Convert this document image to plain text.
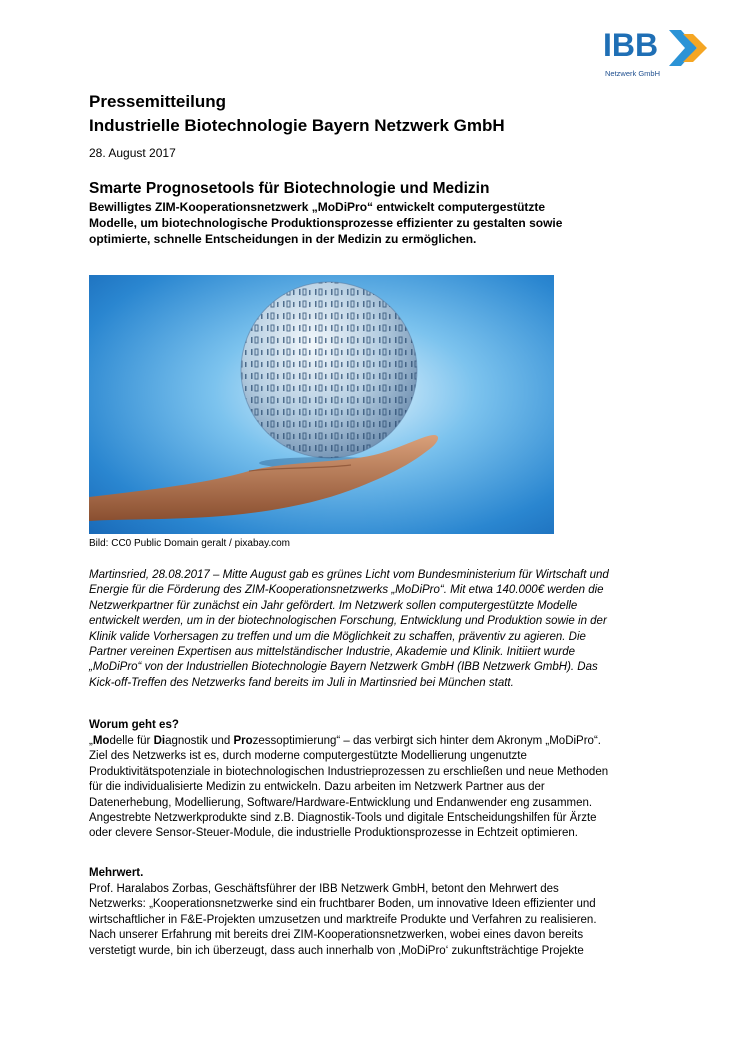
IBB
Netzwerk GmbH
Pressemitteilung
Industrielle Biotechnologie Bayern Netzwerk GmbH
28. August 2017
Smarte Prognosetools für Biotechnologie und Medizin
Bewilligtes ZIM-Kooperationsnetzwerk „MoDiPro“ entwickelt computergestützte
Modelle, um biotechnologische Produktionsprozesse effizienter zu gestalten sowie
optimierte, schnelle Entscheidungen in der Medizin zu ermöglichen.
Bild: CC0 Public Domain geralt / pixabay.com
Martinsried, 28.08.2017 – Mitte August gab es grünes Licht vom Bundesministerium für Wirtschaft und
Energie für die Förderung des ZIM-Kooperationsnetzwerks „MoDiPro“. Mit etwa 140.000€ werden die
Netzwerkpartner für zunächst ein Jahr gefördert. Im Netzwerk sollen computergestützte Modelle
entwickelt werden, um in der biotechnologischen Forschung, Entwicklung und Produktion sowie in der
Klinik valide Vorhersagen zu treffen und um die Möglichkeit zu schaffen, präventiv zu agieren. Die
Partner vereinen Expertisen aus mittelständischer Industrie, Akademie und Klinik. Initiiert wurde
„MoDiPro“ von der Industriellen Biotechnologie Bayern Netzwerk GmbH (IBB Netzwerk GmbH). Das
Kick-off-Treffen des Netzwerks fand bereits im Juli in Martinsried bei München statt.
Worum geht es?
„Modelle für Diagnostik und Prozessoptimierung“ – das verbirgt sich hinter dem Akronym „MoDiPro“.
Ziel des Netzwerks ist es, durch moderne computergestützte Modellierung ungenutzte
Produktivitätspotenziale in biotechnologischen Industrieprozessen zu erschließen und neue Methoden
für die individualisierte Medizin zu entwickeln. Dazu arbeiten im Netzwerk Partner aus der
Datenerhebung, Modellierung, Software/Hardware-Entwicklung und Endanwender eng zusammen.
Angestrebte Netzwerkprodukte sind z.B. Diagnostik-Tools und digitale Entscheidungshilfen für Ärzte
oder clevere Sensor-Steuer-Module, die industrielle Produktionsprozesse in Echtzeit optimieren.
Mehrwert.
Prof. Haralabos Zorbas, Geschäftsführer der IBB Netzwerk GmbH, betont den Mehrwert des
Netzwerks: „Kooperationsnetzwerke sind ein fruchtbarer Boden, um innovative Ideen effizienter und
wirtschaftlicher in F&E-Projekten umzusetzen und marktreife Produkte und Verfahren zu realisieren.
Nach unserer Erfahrung mit bereits drei ZIM-Kooperationsnetzwerken, wobei eines davon bereits
verstetigt wurde, bin ich überzeugt, dass auch innerhalb von ‚MoDiPro‘ zukunftsträchtige Projekte
